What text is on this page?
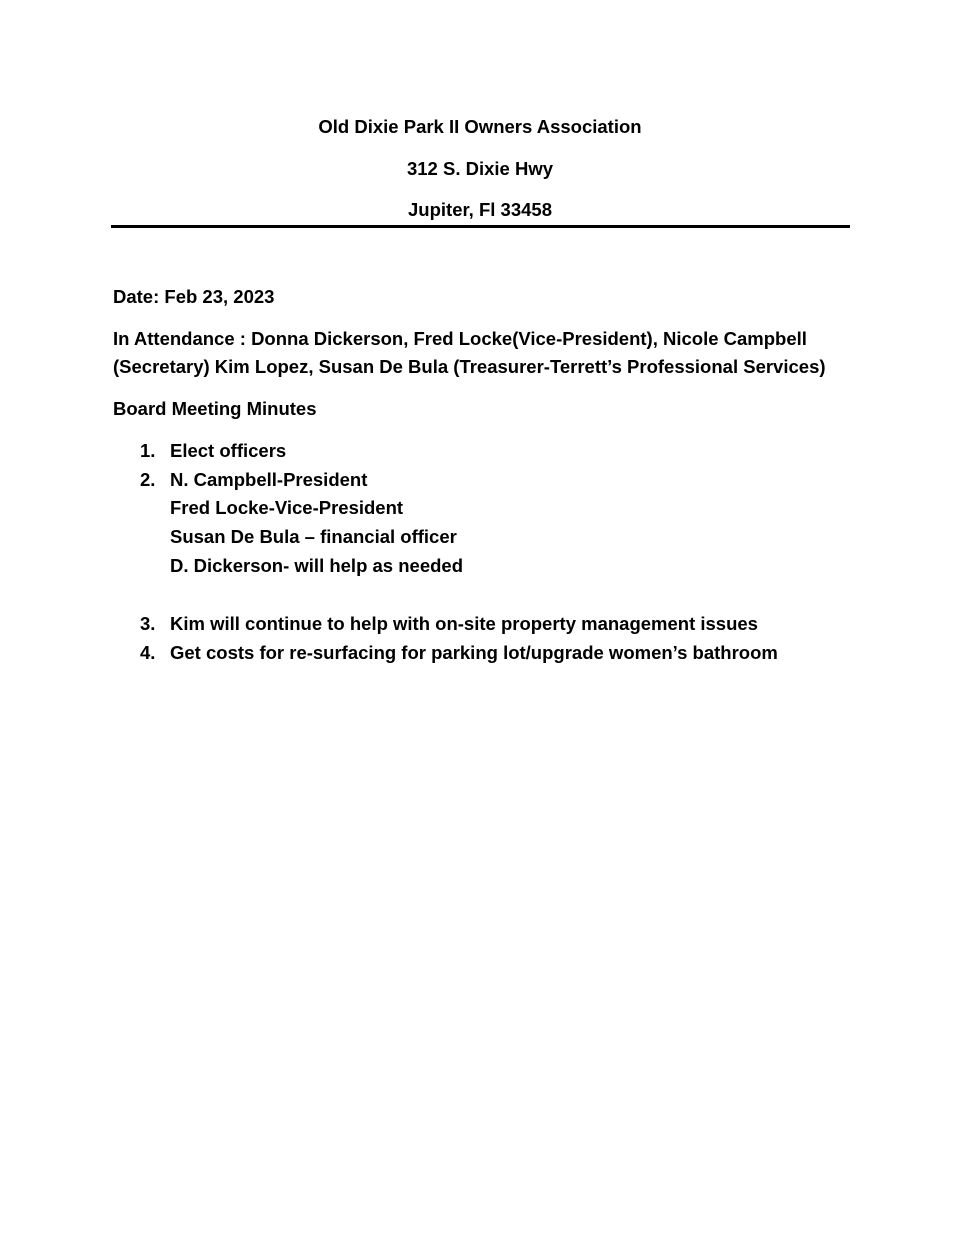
Old Dixie Park II Owners Association
312 S. Dixie Hwy
Jupiter, Fl 33458
Date: Feb 23, 2023
In Attendance : Donna Dickerson, Fred Locke(Vice-President), Nicole Campbell
(Secretary) Kim Lopez, Susan De Bula (Treasurer-Terrett’s Professional Services)
Board Meeting Minutes
1. Elect officers
2. N. Campbell-President
Fred Locke-Vice-President
Susan De Bula – financial officer
D. Dickerson- will help as needed
3. Kim will continue to help with on-site property management issues
4. Get costs for re-surfacing for parking lot/upgrade women’s bathroom
